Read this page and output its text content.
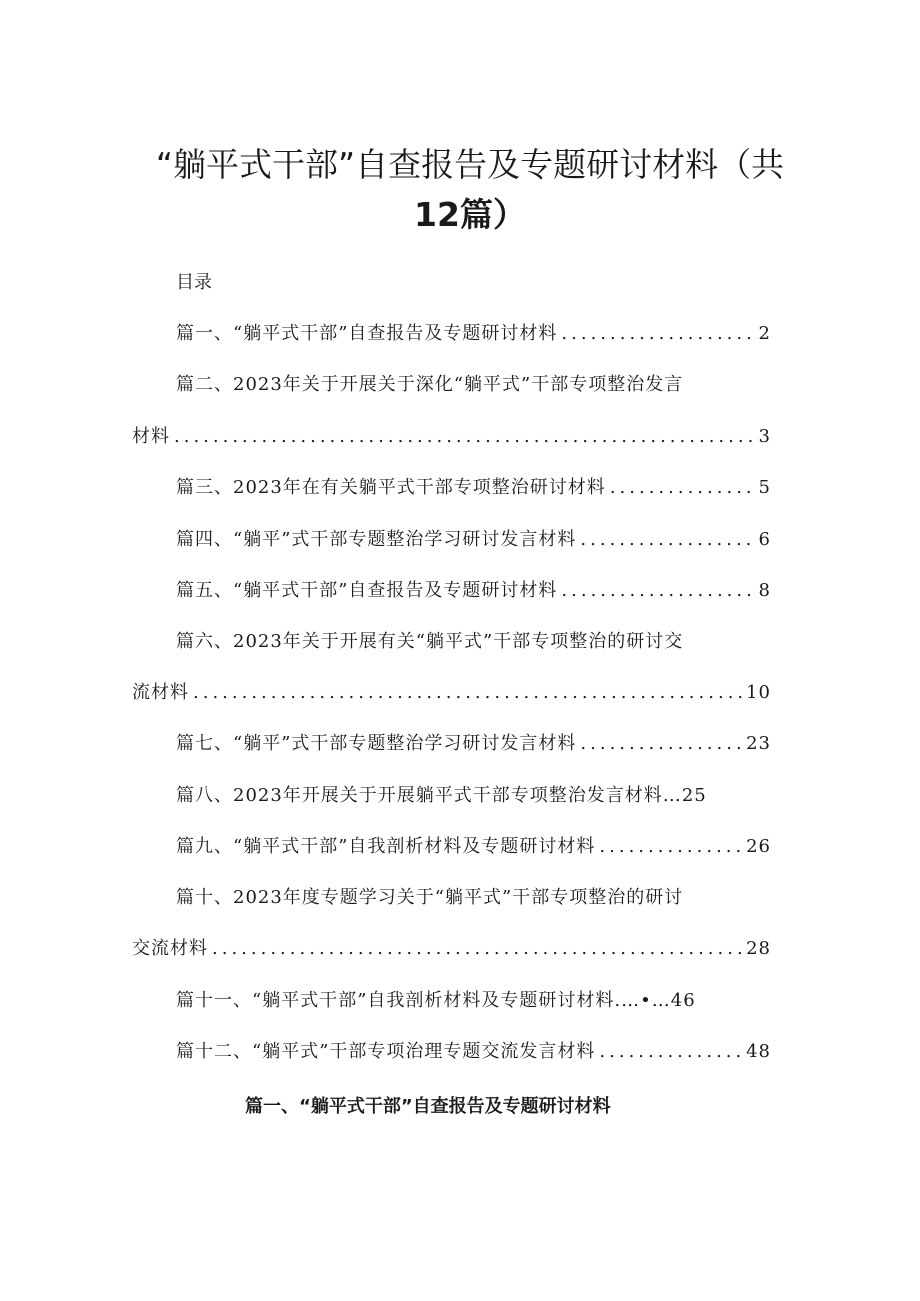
“躺平式干部”自查报告及专题研讨材料（共
12篇）
目录
篇一、“躺平式干部”自查报告及专题研讨材料 .....	2
篇二、2023年关于开展关于深化“躺平式”干部专项整治发言
材料 .....	3
篇三、2023年在有关躺平式干部专项整治研讨材料 .....	5
篇四、“躺平”式干部专题整治学习研讨发言材料 .....	6
篇五、“躺平式干部”自查报告及专题研讨材料 .....	8
篇六、2023年关于开展有关“躺平式”干部专项整治的研讨交
流材料 .....	10
篇七、“躺平”式干部专题整治学习研讨发言材料 .....	23
篇八、2023年开展关于开展躺平式干部专项整治发言材料… 25
篇九、“躺平式干部”自我剖析材料及专题研讨材料 .....	26
篇十、2023年度专题学习关于“躺平式”干部专项整治的研讨
交流材料 .....	28
篇十一、“躺平式干部”自我剖析材料及专题研讨材料.…•… 46
篇十二、“躺平式”干部专项治理专题交流发言材料 .....	48
篇一、“躺平式干部”自查报告及专题研讨材料
